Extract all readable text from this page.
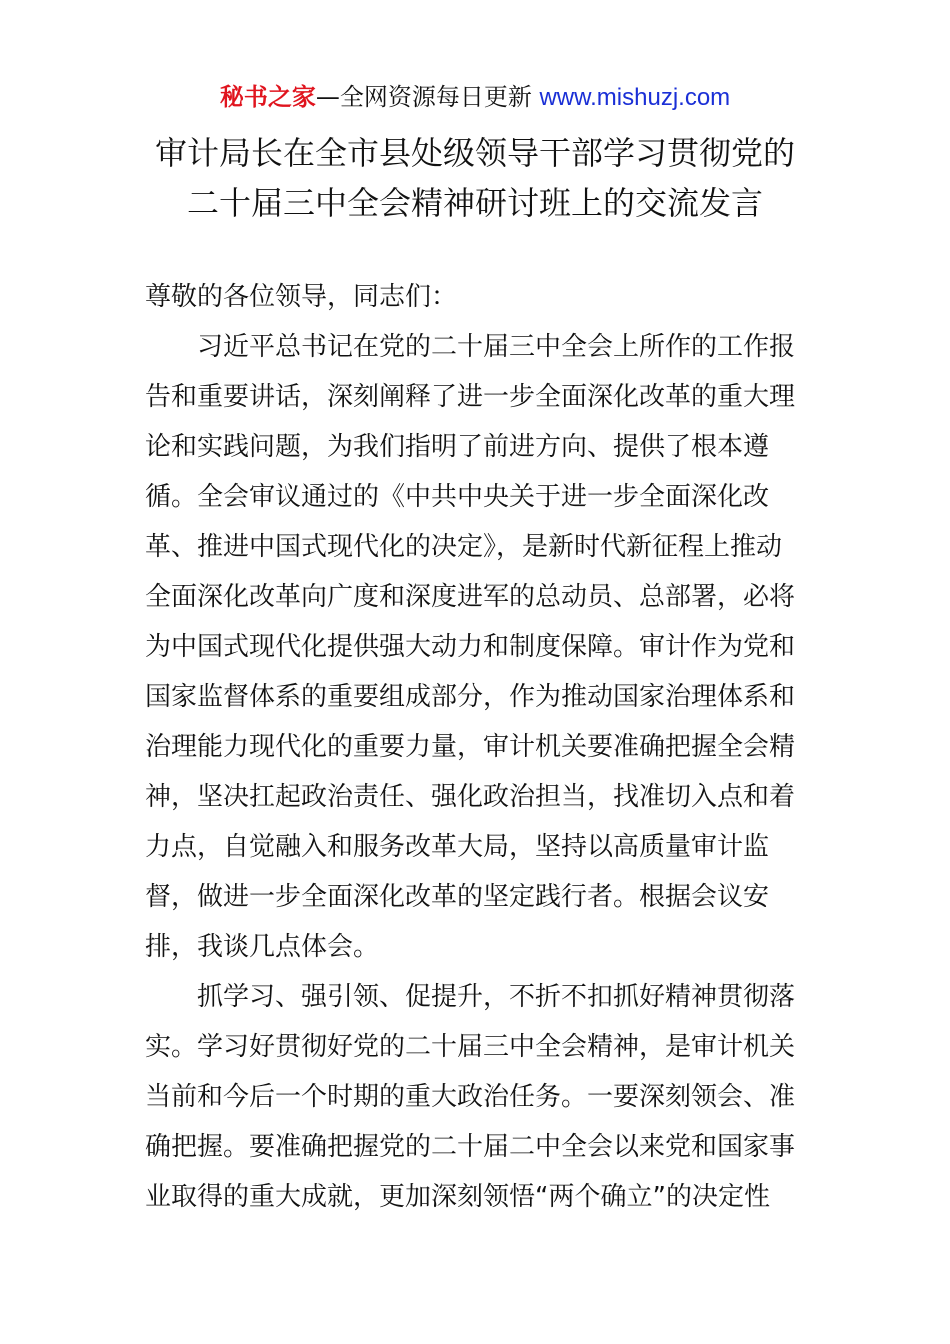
秘书之家—全网资源每日更新 www.mishuzj.com
审计局长在全市县处级领导干部学习贯彻党的
二十届三中全会精神研讨班上的交流发言
尊敬的各位领导，同志们：
习近平总书记在党的二十届三中全会上所作的工作报
告和重要讲话，深刻阐释了进一步全面深化改革的重大理
论和实践问题，为我们指明了前进方向、提供了根本遵
循。全会审议通过的《中共中央关于进一步全面深化改
革、推进中国式现代化的决定》，是新时代新征程上推动
全面深化改革向广度和深度进军的总动员、总部署，必将
为中国式现代化提供强大动力和制度保障。审计作为党和
国家监督体系的重要组成部分，作为推动国家治理体系和
治理能力现代化的重要力量，审计机关要准确把握全会精
神，坚决扛起政治责任、强化政治担当，找准切入点和着
力点，自觉融入和服务改革大局，坚持以高质量审计监
督，做进一步全面深化改革的坚定践行者。根据会议安
排，我谈几点体会。
抓学习、强引领、促提升，不折不扣抓好精神贯彻落
实。学习好贯彻好党的二十届三中全会精神，是审计机关
当前和今后一个时期的重大政治任务。一要深刻领会、准
确把握。要准确把握党的二十届二中全会以来党和国家事
业取得的重大成就，更加深刻领悟“两个确立”的决定性
